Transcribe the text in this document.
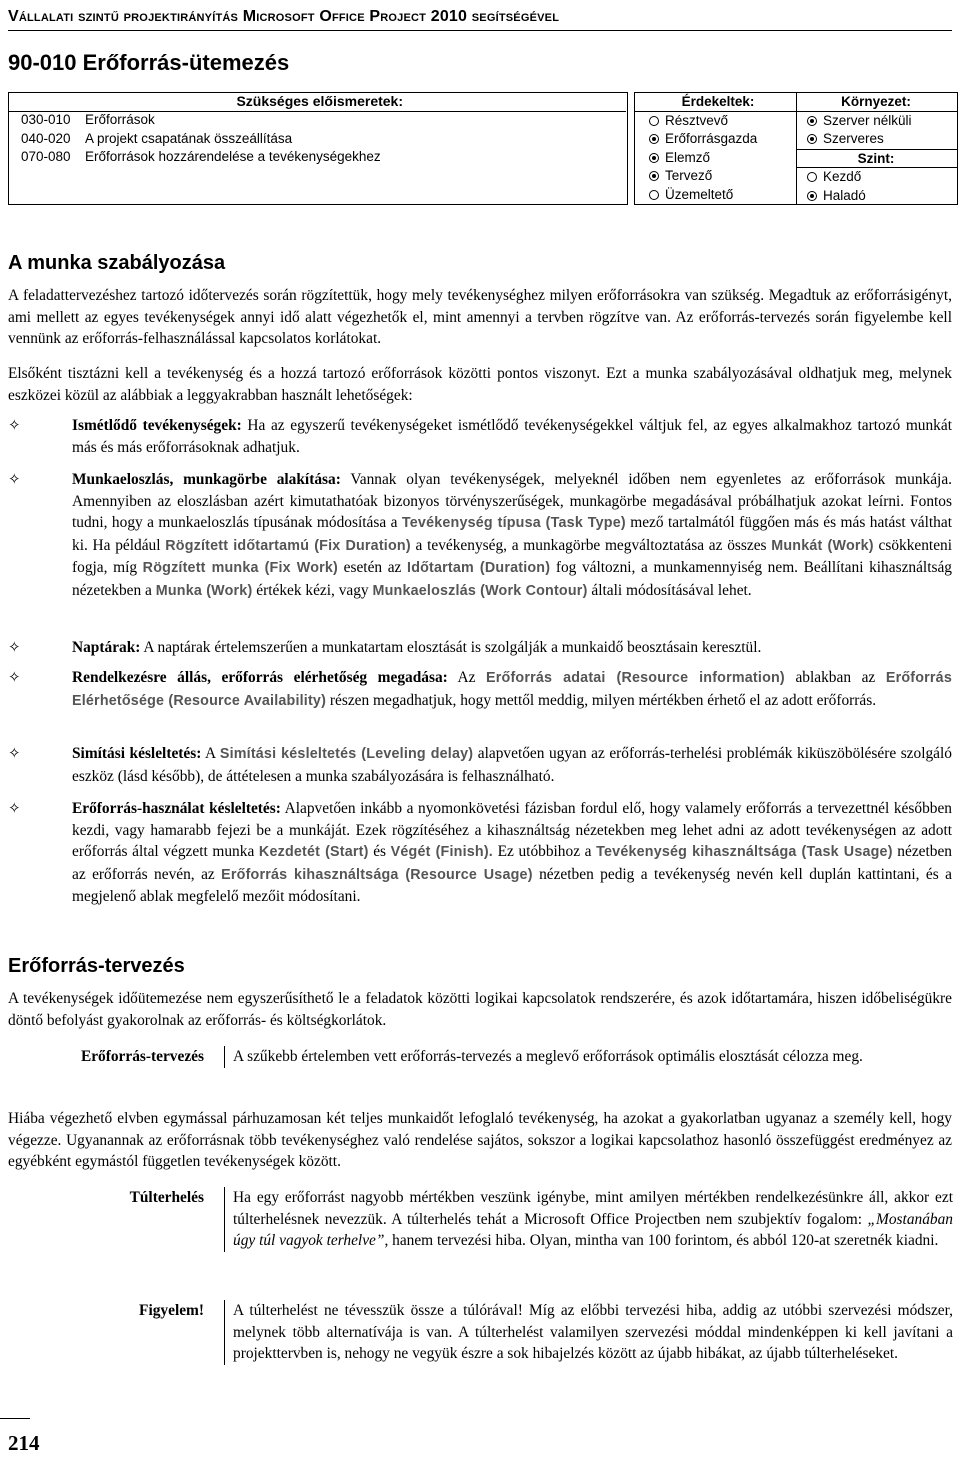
Vállalati szintű projektirányítás Microsoft Office Project 2010 segítségével
90-010 Erőforrás-ütemezés
Szükséges előismeretek:
030-010 Erőforrások
040-020 A projekt csapatának összeállítása
070-080 Erőforrások hozzárendelése a tevékenységekhez
Érdekeltek:
Résztvevő
Erőforrásgazda
Elemző
Tervező
Üzemeltető
Környezet:
Szerver nélküli
Szerveres
Szint:
Kezdő
Haladó
A munka szabályozása
A feladattervezéshez tartozó időtervezés során rögzítettük, hogy mely tevékenységhez milyen erőforrásokra van szükség. Megadtuk az erőforrásigényt, ami mellett az egyes tevékenységek annyi idő alatt végezhetők el, mint amennyi a tervben rögzítve van. Az erőforrás-tervezés során figyelembe kell vennünk az erőforrás-felhasználással kapcsolatos korlátokat.
Elsőként tisztázni kell a tevékenység és a hozzá tartozó erőforrások közötti pontos viszonyt. Ezt a munka szabályozásával oldhatjuk meg, melynek eszközei közül az alábbiak a leggyakrabban használt lehetőségek:
✧	Ismétlődő tevékenységek: Ha az egyszerű tevékenységeket ismétlődő tevékenységekkel váltjuk fel, az egyes alkalmakhoz tartozó munkát más és más erőforrásoknak adhatjuk.
✧	Munkaeloszlás, munkagörbe alakítása: Vannak olyan tevékenységek, melyeknél időben nem egyenletes az erőforrások munkája. Amennyiben az eloszlásban azért kimutathatóak bizonyos törvényszerűségek, munkagörbe megadásával próbálhatjuk azokat leírni. Fontos tudni, hogy a munkaeloszlás típusának módosítása a Tevékenység típusa (Task Type) mező tartalmától függően más és más hatást válthat ki. Ha például Rögzített időtartamú (Fix Duration) a tevékenység, a munkagörbe megváltoztatása az összes Munkát (Work) csökkenteni fogja, míg Rögzített munka (Fix Work) esetén az Időtartam (Duration) fog változni, a munkamennyiség nem. Beállítani kihasználtság nézetekben a Munka (Work) értékek kézi, vagy Munkaeloszlás (Work Contour) általi módosításával lehet.
✧	Naptárak: A naptárak értelemszerűen a munkatartam elosztását is szolgálják a munkaidő beosztásain keresztül.
✧	Rendelkezésre állás, erőforrás elérhetőség megadása: Az Erőforrás adatai (Resource information) ablakban az Erőforrás Elérhetősége (Resource Availability) részen megadhatjuk, hogy mettől meddig, milyen mértékben érhető el az adott erőforrás.
✧	Simítási késleltetés: A Simítási késleltetés (Leveling delay) alapvetően ugyan az erőforrás-terhelési problémák kiküszöbölésére szolgáló eszköz (lásd később), de áttételesen a munka szabályozására is felhasználható.
✧	Erőforrás-használat késleltetés: Alapvetően inkább a nyomonkövetési fázisban fordul elő, hogy valamely erőforrás a tervezettnél későbben kezdi, vagy hamarabb fejezi be a munkáját. Ezek rögzítéséhez a kihasználtság nézetekben meg lehet adni az adott tevékenységen az adott erőforrás által végzett munka Kezdetét (Start) és Végét (Finish). Ez utóbbihoz a Tevékenység kihasználtsága (Task Usage) nézetben az erőforrás nevén, az Erőforrás kihasználtsága (Resource Usage) nézetben pedig a tevékenység nevén kell duplán kattintani, és a megjelenő ablak megfelelő mezőit módosítani.
Erőforrás-tervezés
A tevékenységek időütemezése nem egyszerűsíthető le a feladatok közötti logikai kapcsolatok rendszerére, és azok időtartamára, hiszen időbeliségükre döntő befolyást gyakorolnak az erőforrás- és költségkorlátok.
Erőforrás-tervezés	A szűkebb értelemben vett erőforrás-tervezés a meglevő erőforrások optimális elosztását célozza meg.
Hiába végezhető elvben egymással párhuzamosan két teljes munkaidőt lefoglaló tevékenység, ha azokat a gyakorlatban ugyanaz a személy kell, hogy végezze. Ugyanannak az erőforrásnak több tevékenységhez való rendelése sajátos, sokszor a logikai kapcsolathoz hasonló összefüggést eredményez az egyébként egymástól független tevékenységek között.
Túlterhelés	Ha egy erőforrást nagyobb mértékben veszünk igénybe, mint amilyen mértékben rendelkezésünkre áll, akkor ezt túlterhelésnek nevezzük. A túlterhelés tehát a Microsoft Office Projectben nem szubjektív fogalom: „Mostanában úgy túl vagyok terhelve”, hanem tervezési hiba. Olyan, mintha van 100 forintom, és abból 120-at szeretnék kiadni.
Figyelem!	A túlterhelést ne tévesszük össze a túlórával! Míg az előbbi tervezési hiba, addig az utóbbi szervezési módszer, melynek több alternatívája is van. A túlterhelést valamilyen szervezési móddal mindenképpen ki kell javítani a projekttervben is, nehogy ne vegyük észre a sok hibajelzés között az újabb hibákat, az újabb túlterheléseket.
214
